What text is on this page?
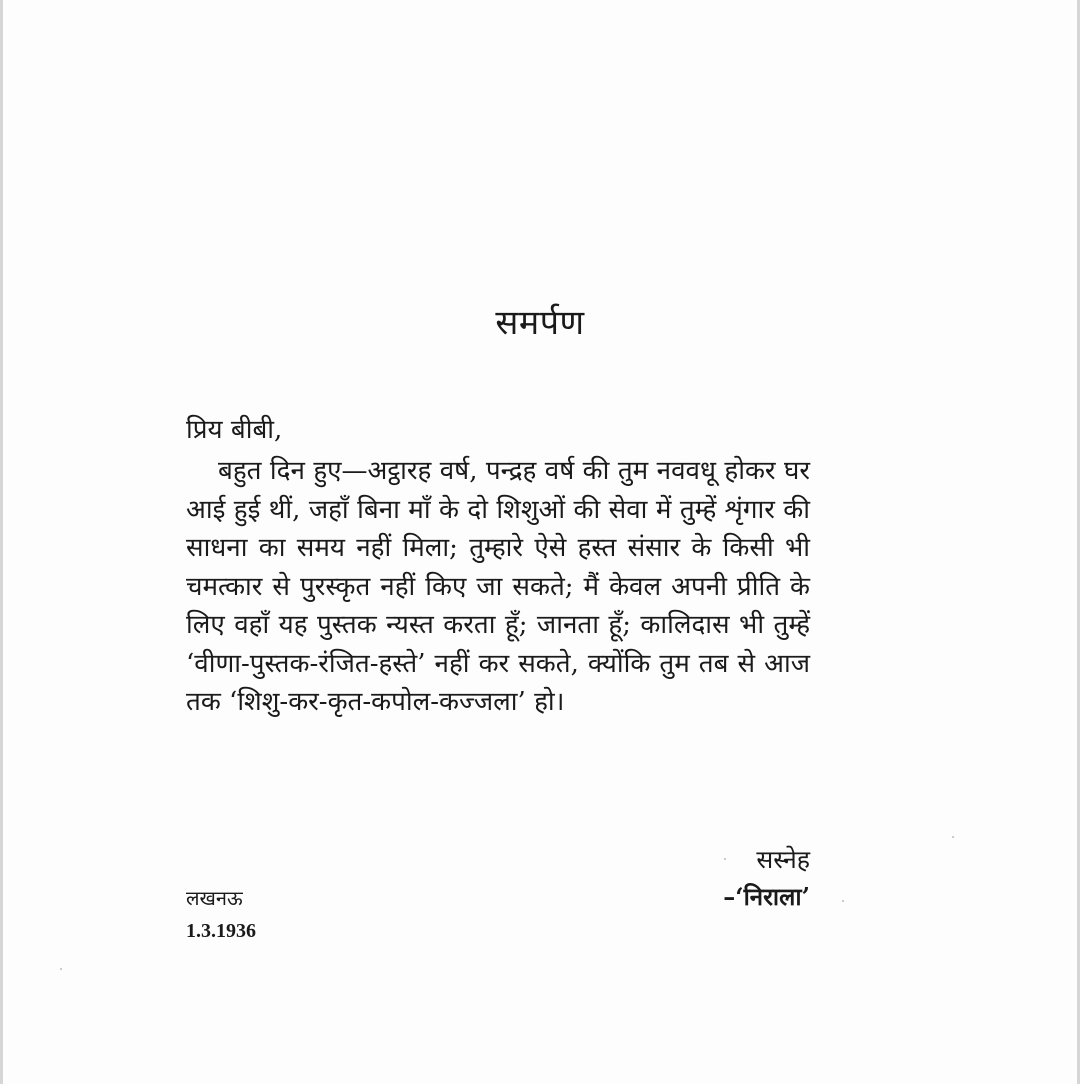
समर्पण
प्रिय बीबी,

बहुत दिन हुए—अट्ठारह वर्ष, पन्द्रह वर्ष की तुम नववधू होकर घर आई हुई थीं, जहाँ बिना माँ के दो शिशुओं की सेवा में तुम्हें शृंगार की साधना का समय नहीं मिला; तुम्हारे ऐसे हस्त संसार के किसी भी चमत्कार से पुरस्कृत नहीं किए जा सकते; मैं केवल अपनी प्रीति के लिए वहाँ यह पुस्तक न्यस्त करता हूँ; जानता हूँ; कालिदास भी तुम्हें ‘वीणा-पुस्तक-रंजित-हस्ते’ नहीं कर सकते, क्योंकि तुम तब से आज तक ‘शिशु-कर-कृत-कपोल-कज्जला’ हो।

सस्नेह
–‘निराला’
लखनऊ
1.3.1936
